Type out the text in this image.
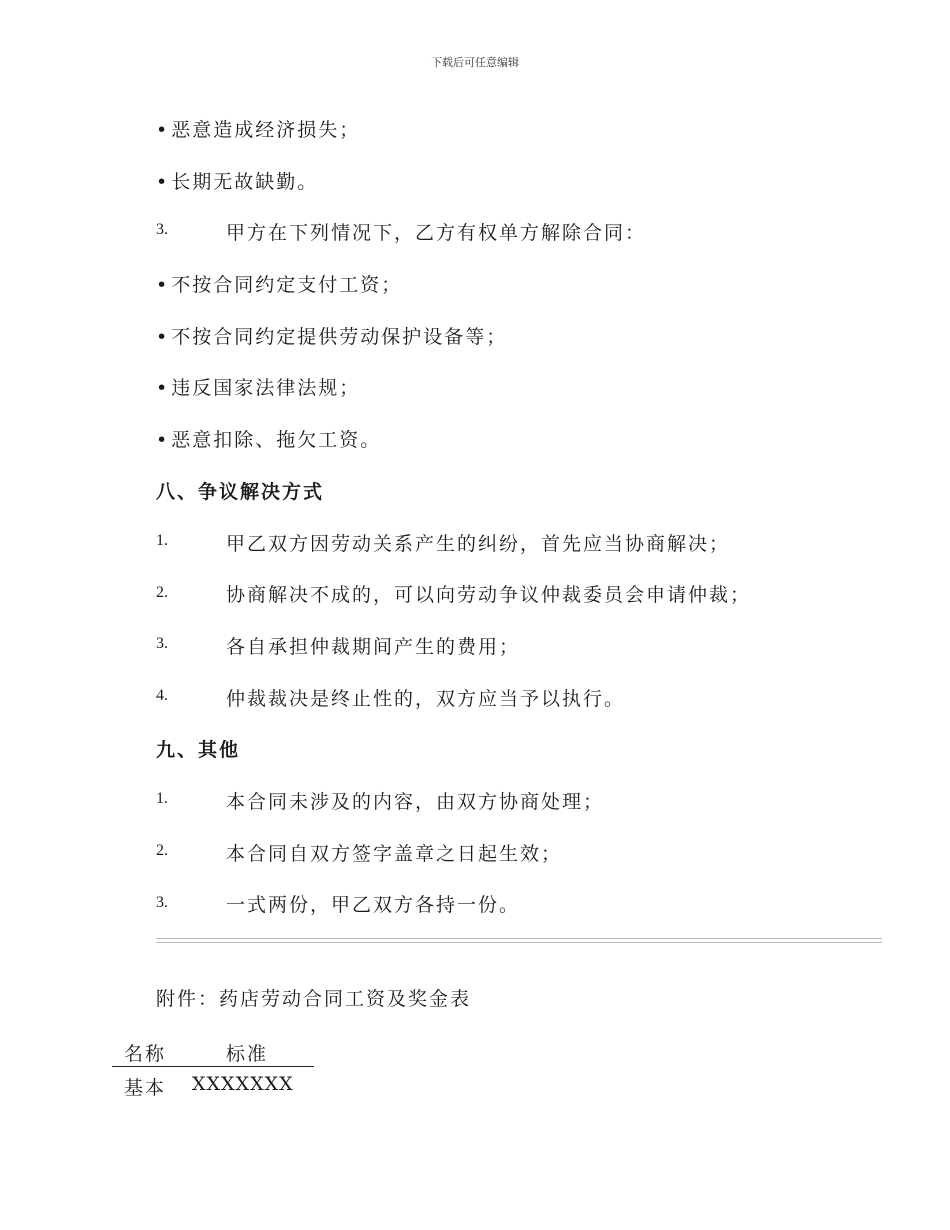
下载后可任意编辑
• 恶意造成经济损失；
• 长期无故缺勤。
3.	甲方在下列情况下，乙方有权单方解除合同：
• 不按合同约定支付工资；
• 不按合同约定提供劳动保护设备等；
• 违反国家法律法规；
• 恶意扣除、拖欠工资。
八、争议解决方式
1.	甲乙双方因劳动关系产生的纠纷，首先应当协商解决；
2.	协商解决不成的，可以向劳动争议仲裁委员会申请仲裁；
3.	各自承担仲裁期间产生的费用；
4.	仲裁裁决是终止性的，双方应当予以执行。
九、其他
1.	本合同未涉及的内容，由双方协商处理；
2.	本合同自双方签字盖章之日起生效；
3.	一式两份，甲乙双方各持一份。
附件：药店劳动合同工资及奖金表
名称	标准
基本 XXXXXXX
